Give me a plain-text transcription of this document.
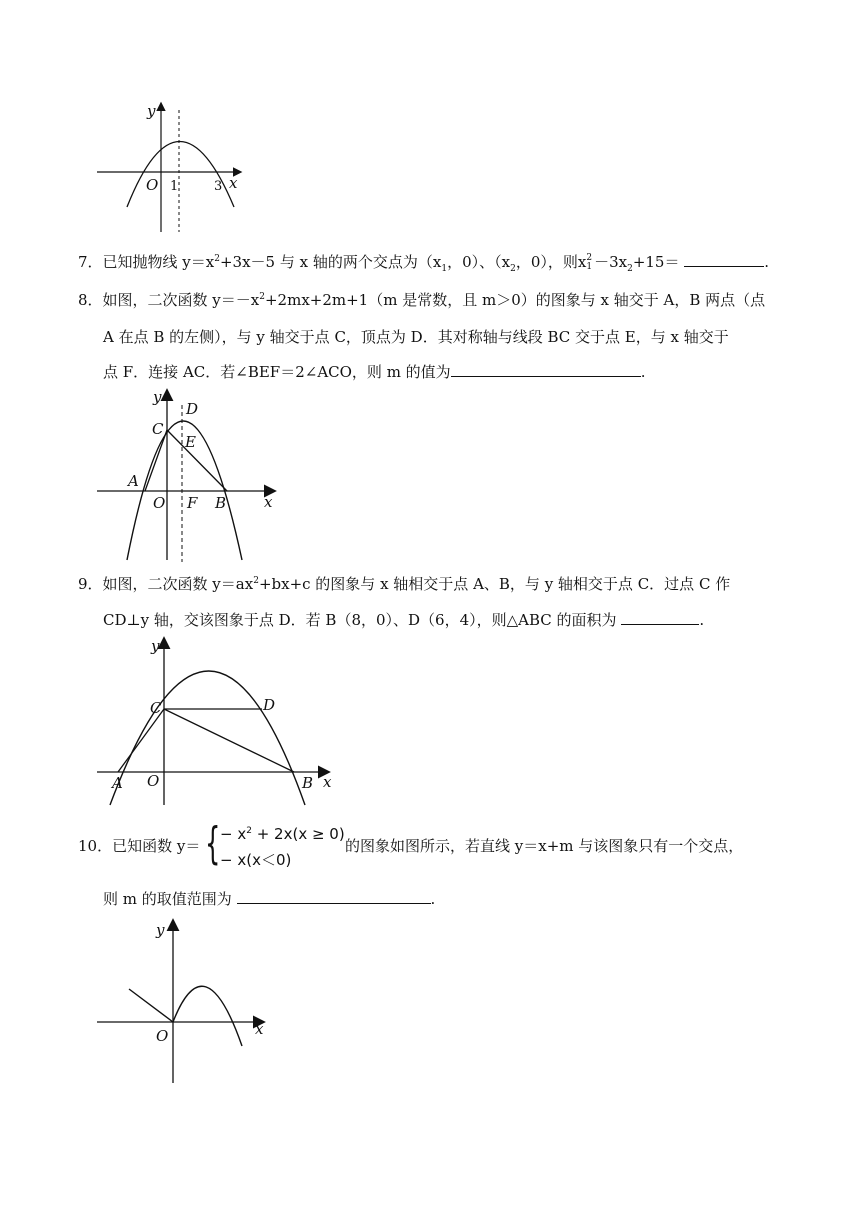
y
O 1	3 x
7．已知抛物线 $y=x^2+3x-5$ 与 x 轴的两个交点为（$x_1$，0）、（$x_2$，0），则x2
$1 -3x_2+15=$	.
8．如图，二次函数 $y=-x^2+2mx+2m+1(m$ 是常数，且 m＞0）的图象与 x 轴交于 A，B 两点（点
A 在点 B 的左侧），与 y 轴交于点 C，顶点为 D．其对称轴与线段 BC 交于点 E，与 x 轴交于
点 F．连接 AC．若∠BEF＝2∠ACO，则 m 的值为	.
y
C
D
E
A
O F B	x
9．如图，二次函数 $y=ax^2+bx+c$ 的图象与 x 轴相交于点 A、B，与 y 轴相交于点 C．过点 C 作
CD⊥y 轴，交该图象于点 D．若 B（8，0）、D（6，4），则△ABC 的面积为	.
y
C	D
A O	B x
10．已知函数 y＝ { − $x^2 + 2x(x \ge 0)$
− x(x＜0)
的图象如图所示，若直线 y＝x+m 与该图象只有一个交点，
则 m 的取值范围为	.
y
O	x
